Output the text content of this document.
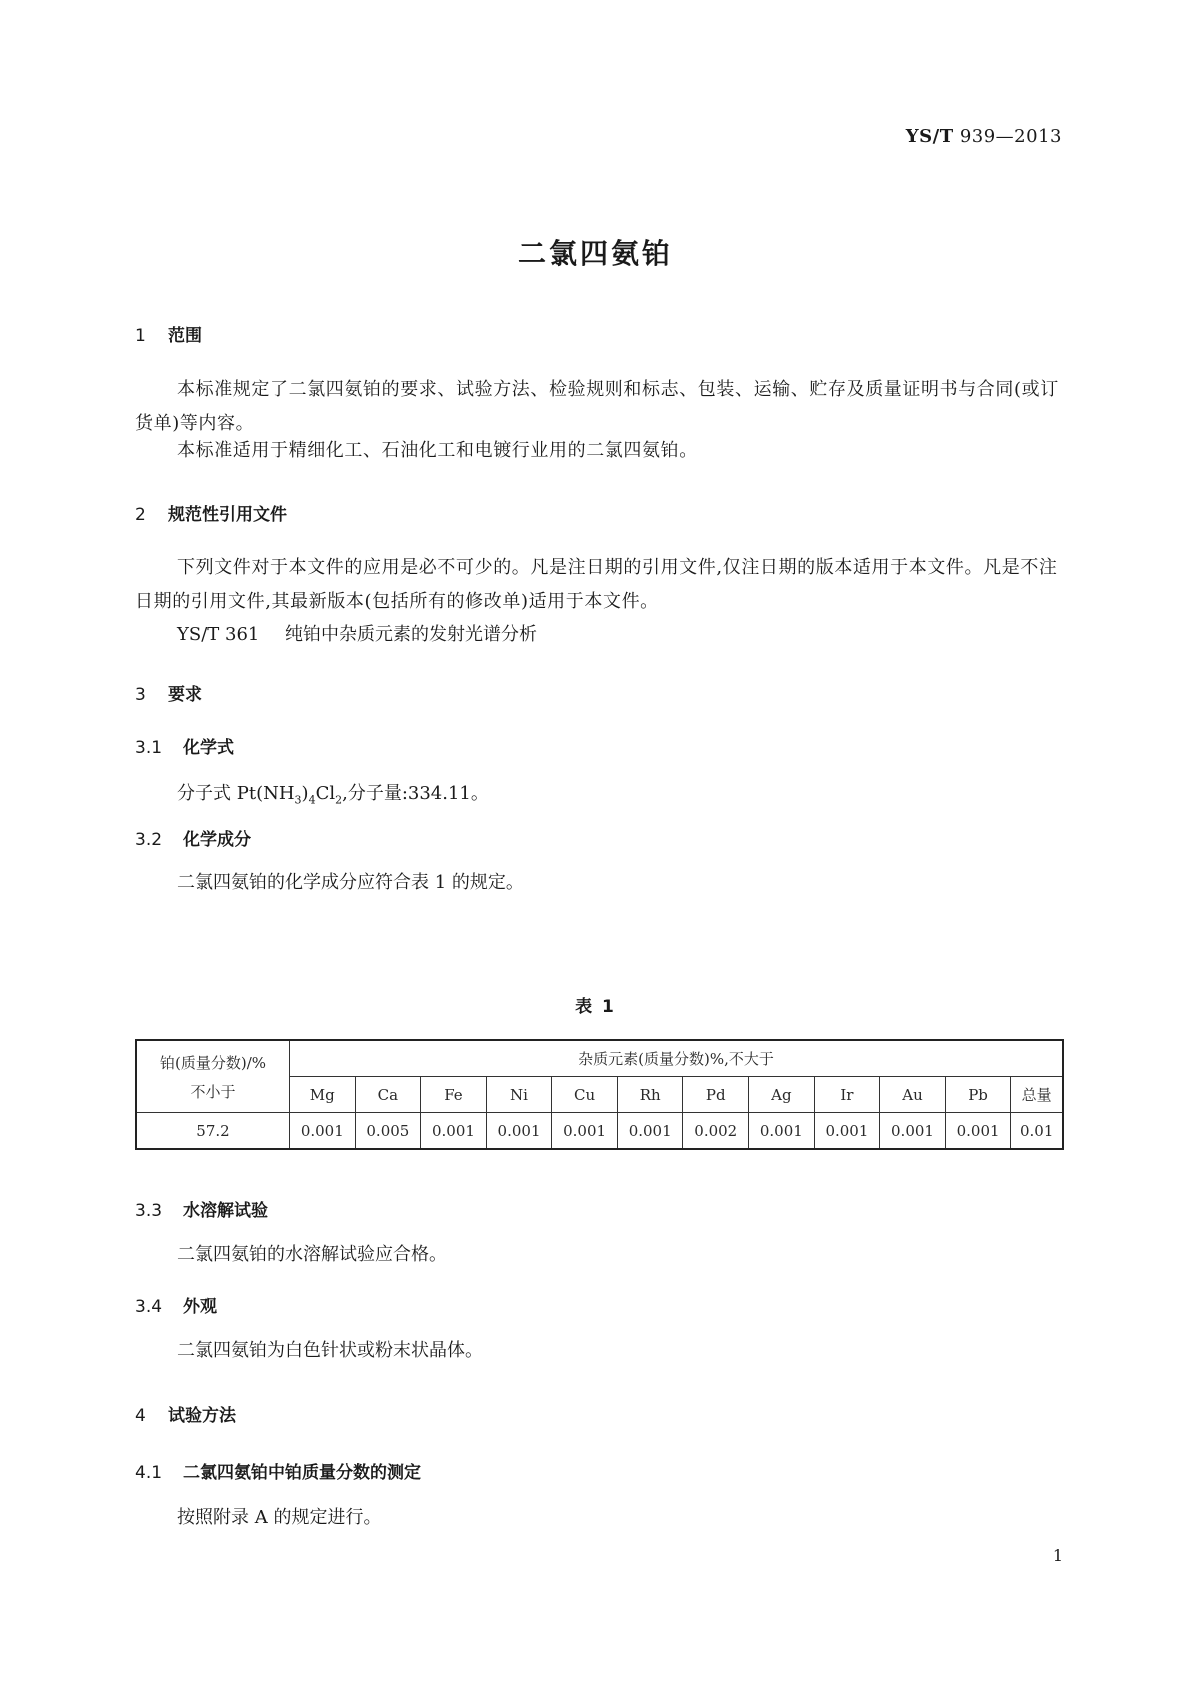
YS/T 939—2013
二氯四氨铂
1 范围
本标准规定了二氯四氨铂的要求、试验方法、检验规则和标志、包装、运输、贮存及质量证明书与合同(或订货单)等内容。
本标准适用于精细化工、石油化工和电镀行业用的二氯四氨铂。
2 规范性引用文件
下列文件对于本文件的应用是必不可少的。凡是注日期的引用文件,仅注日期的版本适用于本文件。凡是不注日期的引用文件,其最新版本(包括所有的修改单)适用于本文件。
YS/T 361 纯铂中杂质元素的发射光谱分析
3 要求
3.1 化学式
分子式 $Pt(NH_3)_4Cl_2$,分子量:334.11。
3.2 化学成分
二氯四氨铂的化学成分应符合表 1 的规定。
表 1
铂(质量分数)/%
不小于	杂质元素(质量分数)%,不大于											
	Mg	Ca	Fe	Ni	Cu	Rh	Pd	Ag	Ir	Au	Pb	总量
57.2	0.001	0.005	0.001	0.001	0.001	0.001	0.002	0.001	0.001	0.001	0.001	0.01
3.3 水溶解试验
二氯四氨铂的水溶解试验应合格。
3.4 外观
二氯四氨铂为白色针状或粉末状晶体。
4 试验方法
4.1 二氯四氨铂中铂质量分数的测定
按照附录 A 的规定进行。
1
